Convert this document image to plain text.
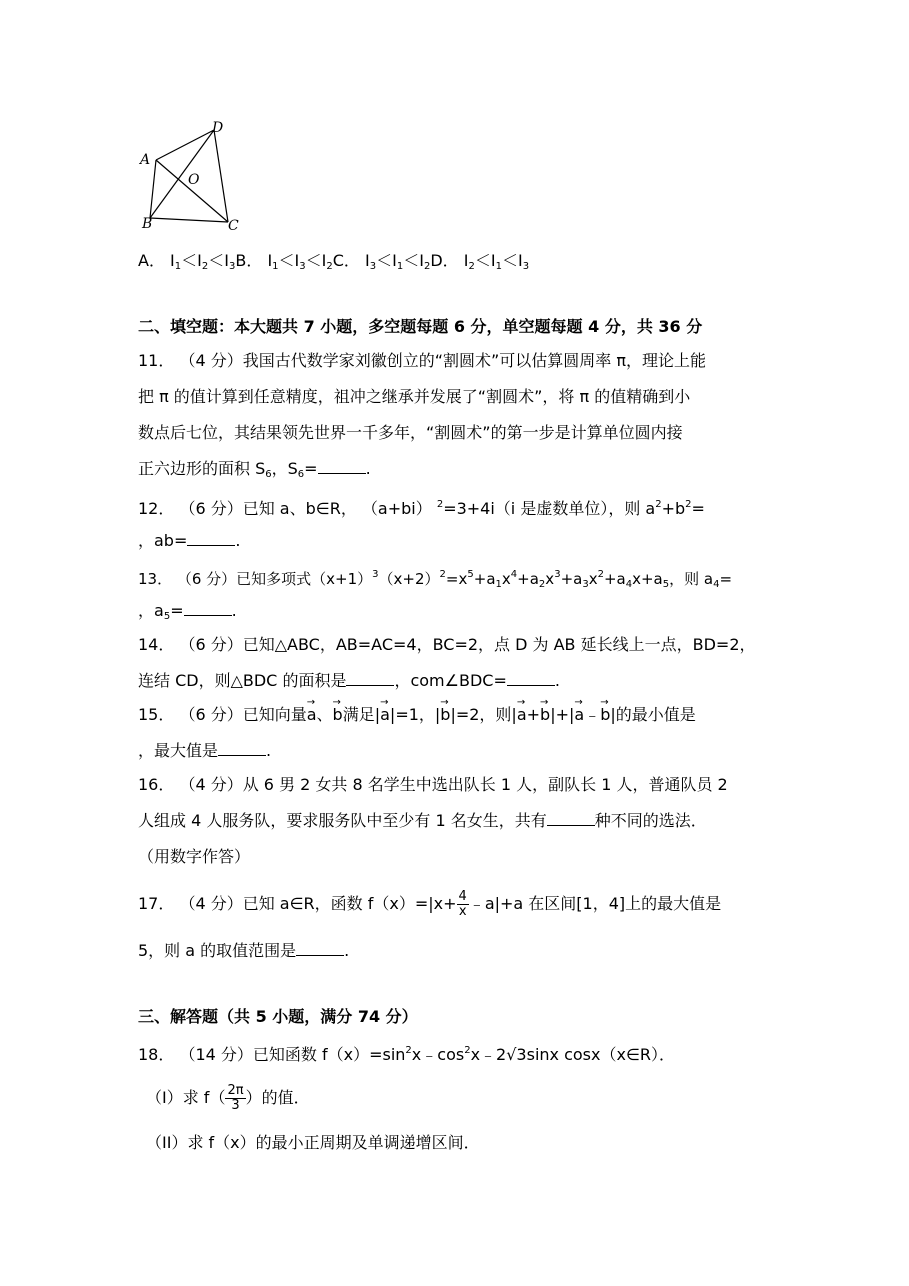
A
B	C
D
O
A． $I_1<I_2<I_3B$． $I_1<I_3<I_2C$． $I_3<I_1<I_2D$． $I_2<I_1<I_3$
二、填空题：本大题共 7 小题，多空题每题 6 分，单空题每题 4 分，共 36 分
11． （4 分）我国古代数学家刘徽创立的“割圆术”可以估算圆周率 π，理论上能
把 π 的值计算到任意精度，祖冲之继承并发展了“割圆术”，将 π 的值精确到小
数点后七位，其结果领先世界一千多年，“割圆术”的第一步是计算单位圆内接
正六边形的面积 $S_6$，$S_6=$	.
12． （6 分）已知 a、b∈R， （a+bi） $^2$=3+4i（i 是虚数单位），则 $a^2+b^2=$
，ab=	.
13． （6 分）已知多项式$(x+1)^3(x+2)^2=x^5+a_1x^4+a_2x^3+a_3x^2+a_4x+a_5$，则 $a_4=$
，$a_5=$	.
14． （6 分）已知△ABC，AB=AC=4，BC=2，点 D 为 AB 延长线上一点，BD=2，
连结 CD，则△BDC 的面积是	，com∠BDC=	.
15． （6 分）已知向量→ a、→ b满足|→ a|=1，|→ b|=2，则|→ a+→ b|+|→ a﹣→ b|的最小值是
，最大值是	.
16． （4 分）从 6 男 2 女共 8 名学生中选出队长 1 人，副队长 1 人，普通队员 2
人组成 4 人服务队，要求服务队中至少有 1 名女生，共有	种不同的选法．
（用数字作答）
17． （4 分）已知 a∈R，函数 $f(x)=|x+ \frac{4}{x}$ ﹣a|+a 在区间[1，4]上的最大值是
5，则 a 的取值范围是	.
三、解答题（共 5 小题，满分 74 分）
18． （14 分）已知函数 $f(x)=\sin^2x﹣\cos^2x﹣2√3\sin x$ cosx（x∈R）．
（I）求 $f( \frac{2\pi}{3}$ ）的值．
（II）求 f（x）的最小正周期及单调递增区间．
